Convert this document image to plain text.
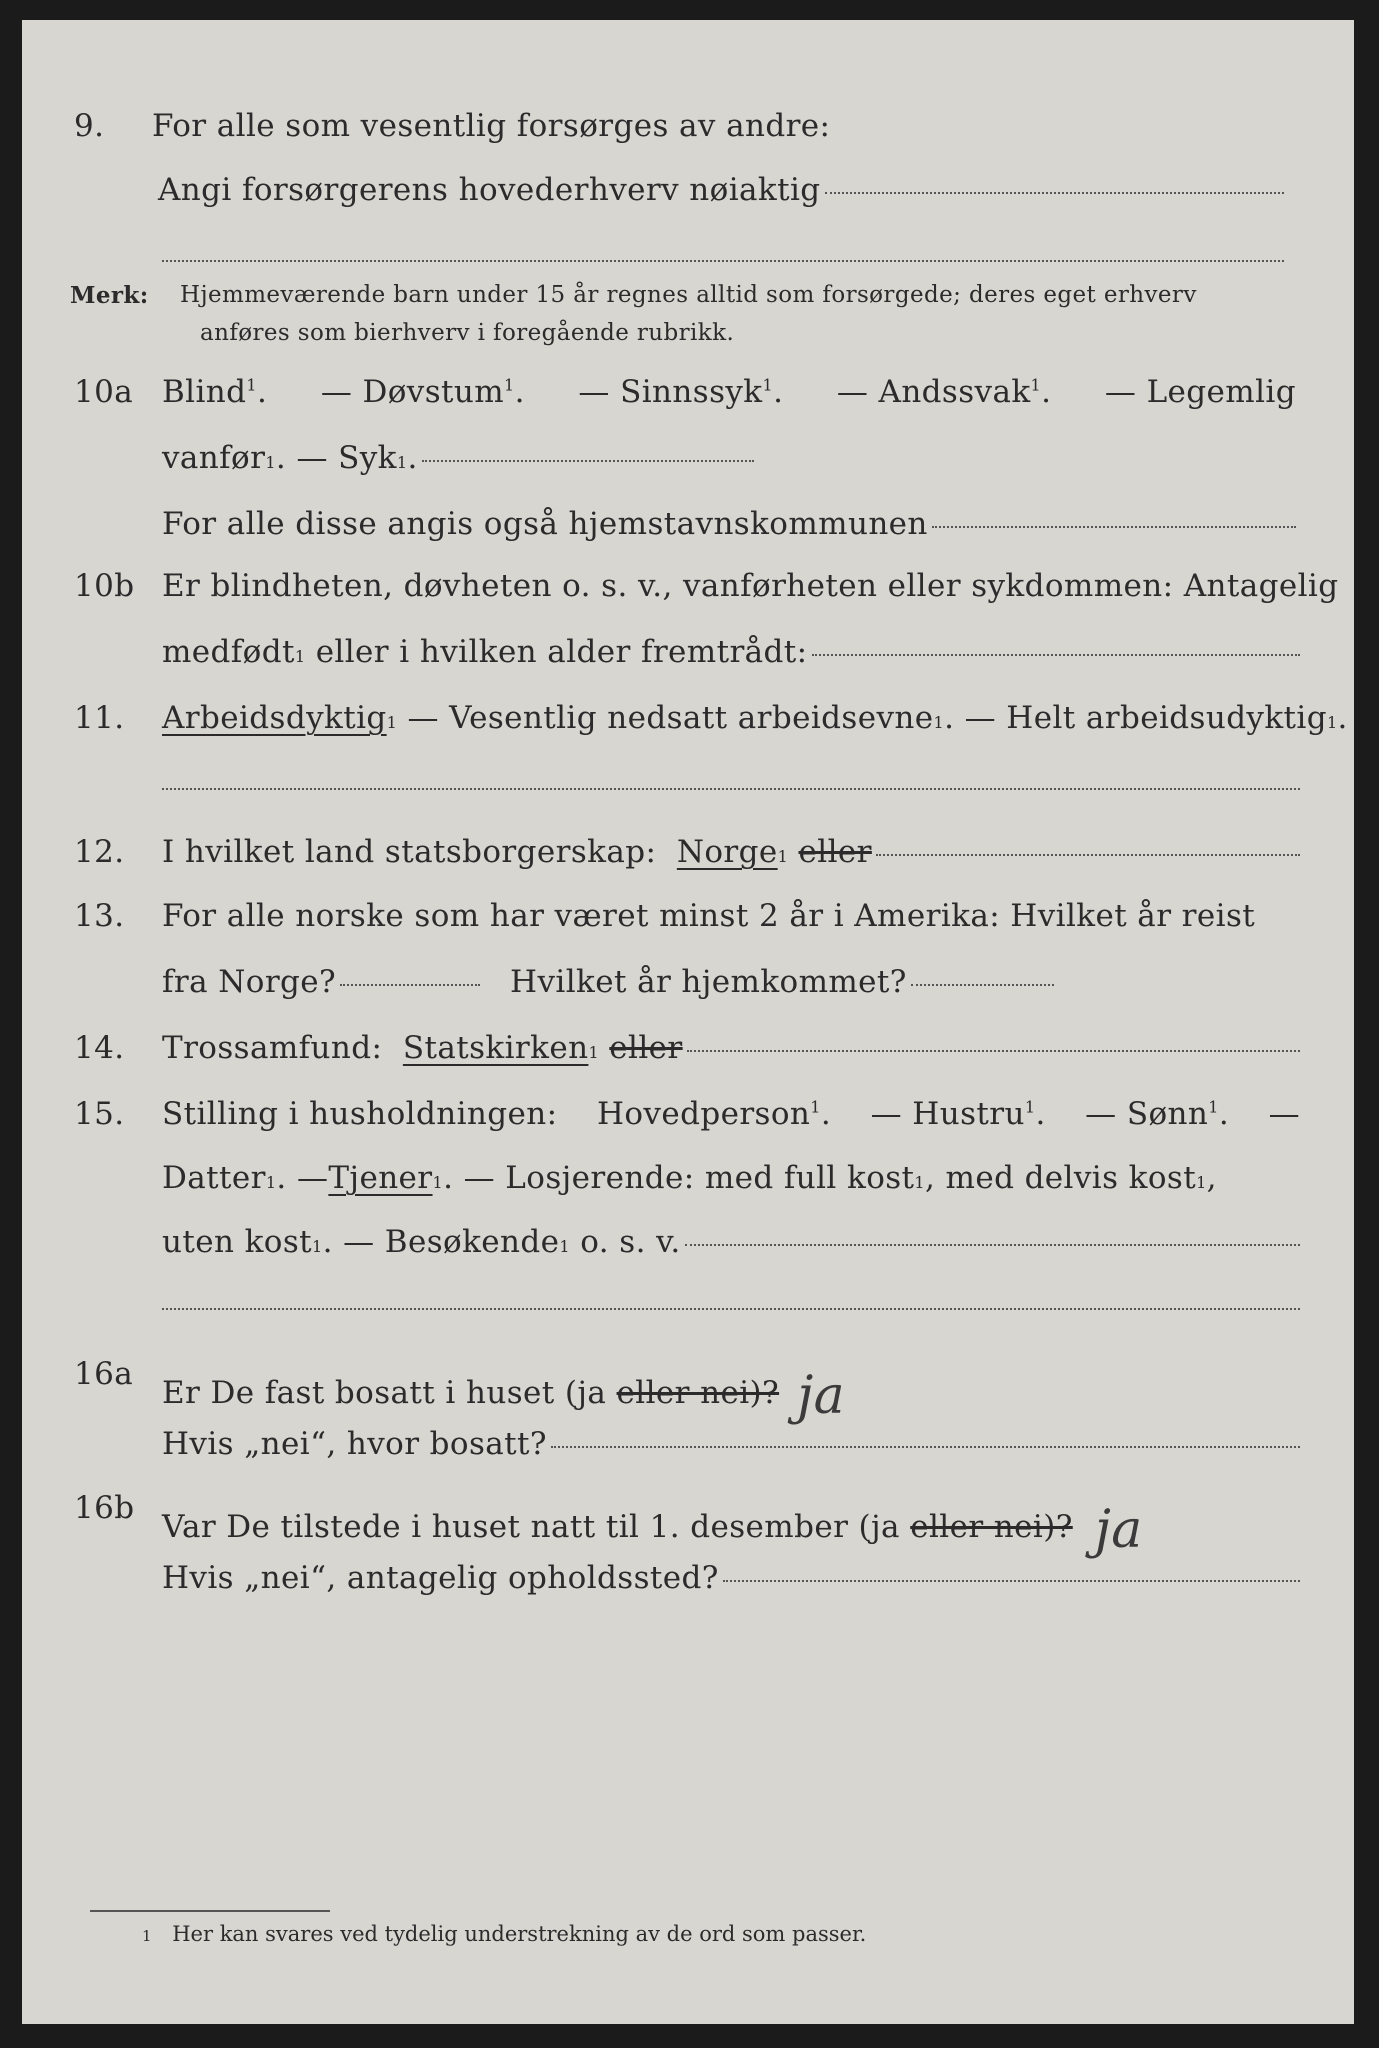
9. For alle som vesentlig forsørges av andre:
Angi forsørgerens hovederhverv nøiaktig
Merk: Hjemmeværende barn under 15 år regnes alltid som forsørgede; deres eget erhverv
anføres som bierhverv i foregående rubrikk.
10a Blind$^1$. — Døvstum$^1$. — Sinnssyk$^1$. — Andssvak$^1$. — Legemlig
vanfør 1 .
— Syk 1 .
For alle disse angis også hjemstavnskommunen
10b Er blindheten, døvheten o. s. v., vanførheten eller sykdommen: Antagelig
medfødt 1
eller i hvilken alder fremtrådt:
11. Arbeidsdyktig 1
— Vesentlig nedsatt arbeidsevne 1 .
— Helt arbeidsudyktig 1 .
12. I hvilket land statsborgerskap:
Norge 1
eller
13. For alle norske som har været minst 2 år i Amerika: Hvilket år reist
fra Norge?	Hvilket år hjemkommet?
14. Trossamfund:
Statskirken 1
eller
15. Stilling i husholdningen: Hovedperson$^1$. — Hustru$^1$. — Sønn$^1$. —
Datter 1 .
— Tjener 1 .
— Losjerende: med full kost 1 , med delvis kost 1 ,
uten kost 1 .
— Besøkende 1
o. s. v.
16a
Er De fast bosatt i huset (ja
eller nei)? ja
Hvis „nei“, hvor bosatt?
16b
Var De tilstede i huset natt til 1. desember (ja
eller nei)? ja
Hvis „nei“, antagelig opholdssted?
1 Her kan svares ved tydelig understrekning av de ord som passer.
